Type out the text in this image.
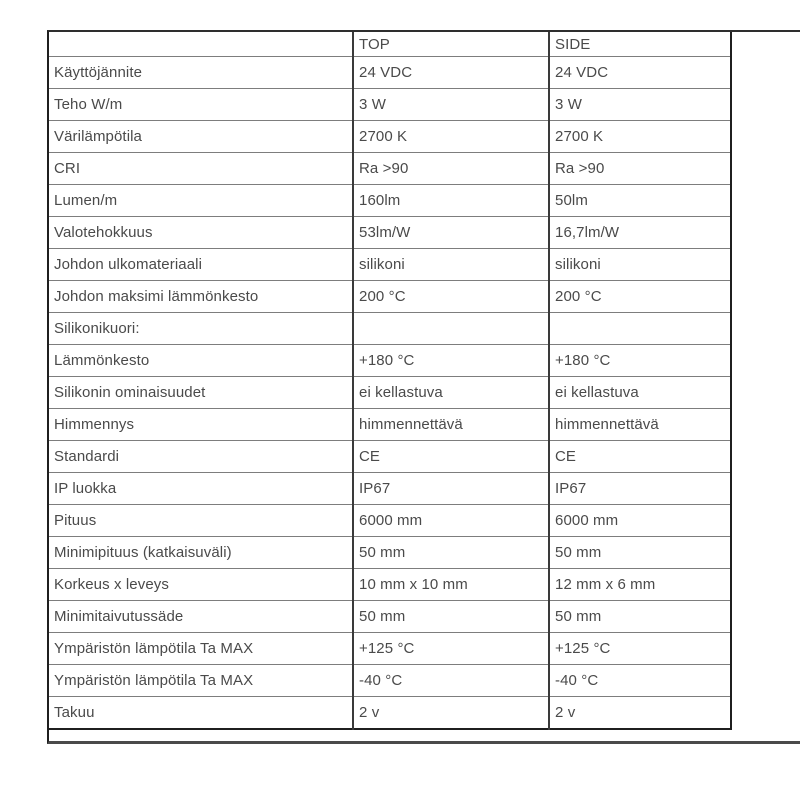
	TOP	SIDE
Käyttöjännite	24 VDC	24 VDC
Teho W/m	3 W	3 W
Värilämpötila	2700 K	2700 K
CRI	Ra >90	Ra >90
Lumen/m	160lm	50lm
Valotehokkuus	53lm/W	16,7lm/W
Johdon ulkomateriaali	silikoni	silikoni
Johdon maksimi lämmönkesto	200 °C	200 °C
Silikonikuori:		
Lämmönkesto	+180 °C	+180 °C
Silikonin ominaisuudet	ei kellastuva	ei kellastuva
Himmennys	himmennettävä	himmennettävä
Standardi	CE	CE
IP luokka	IP67	IP67
Pituus	6000 mm	6000 mm
Minimipituus (katkaisuväli)	50 mm	50 mm
Korkeus x leveys	10 mm x 10 mm	12 mm x 6 mm
Minimitaivutussäde	50 mm	50 mm
Ympäristön lämpötila Ta MAX	+125 °C	+125 °C
Ympäristön lämpötila Ta MAX	-40 °C	-40 °C
Takuu	2 v	2 v
